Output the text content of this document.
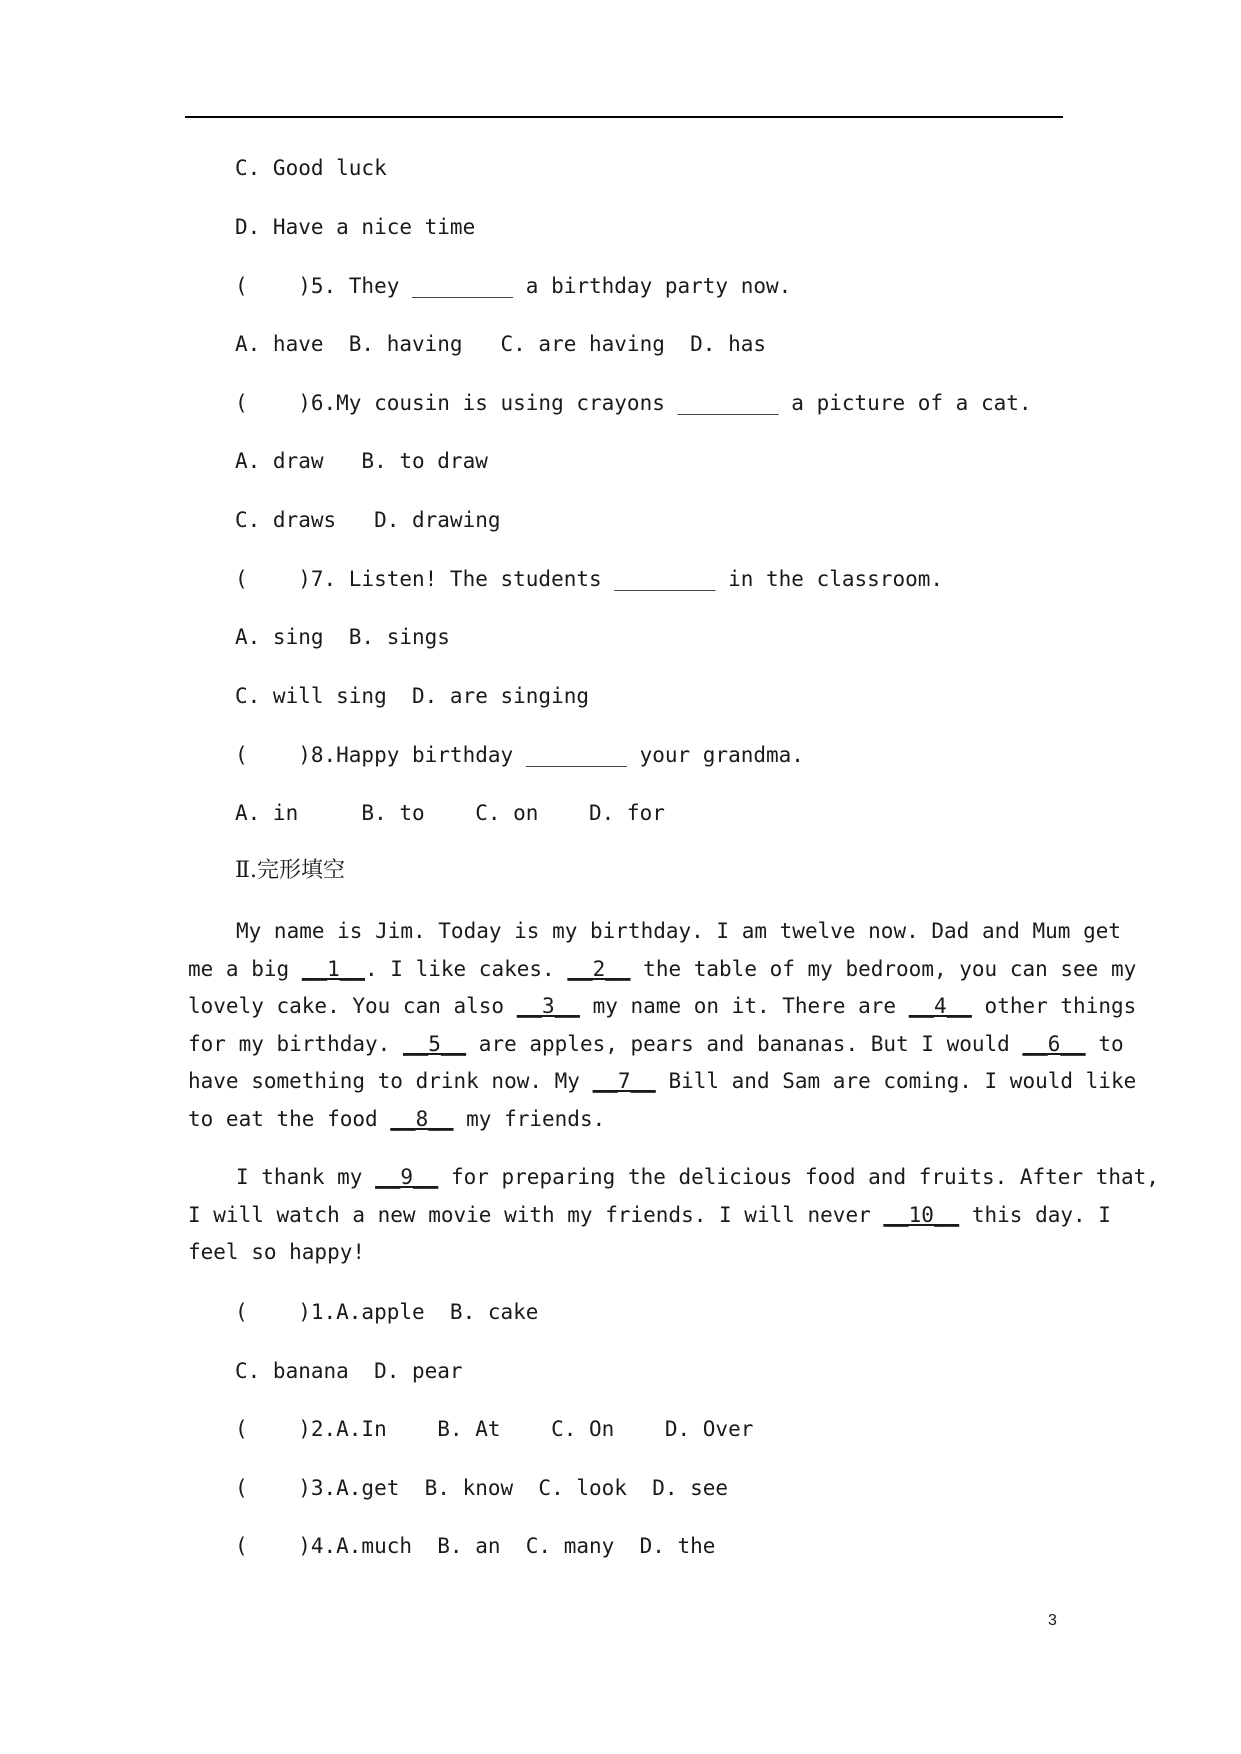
C. Good luck
D. Have a nice time
(    )5. They ________ a birthday party now.
A. have  B. having   C. are having  D. has
(    )6.My cousin is using crayons ________ a picture of a cat.
A. draw   B. to draw
C. draws   D. drawing
(    )7. Listen! The students ________ in the classroom.
A. sing  B. sings
C. will sing  D. are singing
(    )8.Happy birthday ________ your grandma.
A. in     B. to    C. on    D. for
Ⅱ.完形填空
My name is Jim. Today is my birthday. I am twelve now. Dad and Mum get
me a big __1__. I like cakes. __2__ the table of my bedroom, you can see my
lovely cake. You can also __3__ my name on it. There are __4__ other things
for my birthday. __5__ are apples, pears and bananas. But I would __6__ to
have something to drink now. My __7__ Bill and Sam are coming. I would like
to eat the food __8__ my friends.
I thank my __9__ for preparing the delicious food and fruits. After that,
I will watch a new movie with my friends. I will never __10__ this day. I
feel so happy!
(    )1.A.apple  B. cake
C. banana  D. pear
(    )2.A.In    B. At    C. On    D. Over
(    )3.A.get  B. know  C. look  D. see
(    )4.A.much  B. an  C. many  D. the
3
